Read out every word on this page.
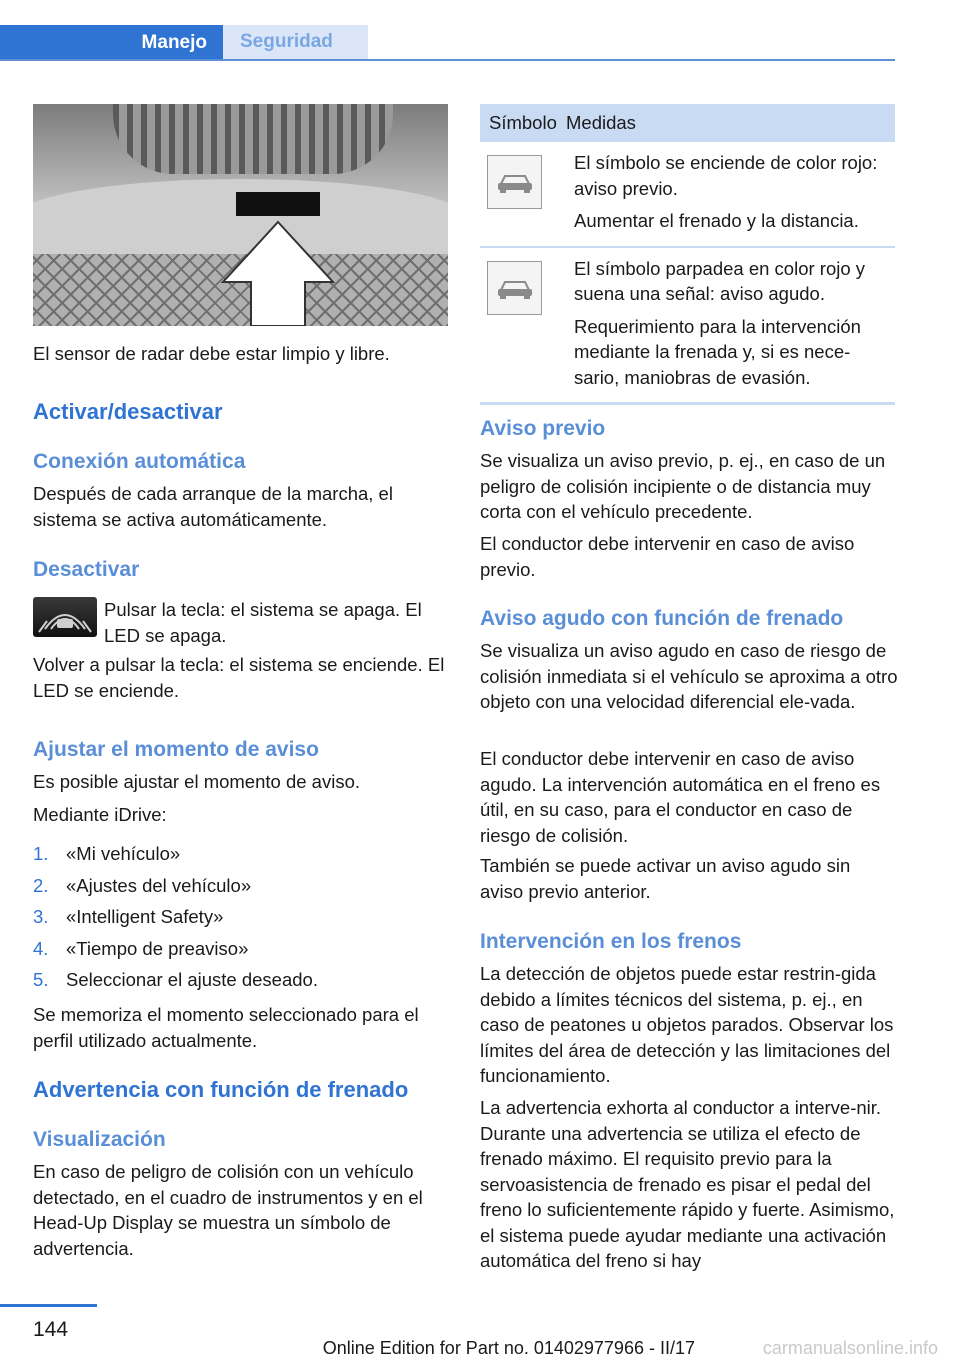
Manejo	Seguridad

El sensor de radar debe estar limpio y libre.

Activar/desactivar
Conexión automática

Después de cada arranque de la marcha, el sistema se activa automáticamente.

Desactivar

Pulsar la tecla: el sistema se apaga. El LED se apaga.

Volver a pulsar la tecla: el sistema se enciende. El LED se enciende.

Ajustar el momento de aviso

Es posible ajustar el momento de aviso.

Mediante iDrive:

1. «Mi vehículo»
2. «Ajustes del vehículo»
3. «Intelligent Safety»
4. «Tiempo de preaviso»
5. Seleccionar el ajuste deseado.

Se memoriza el momento seleccionado para el perfil utilizado actualmente.

Advertencia con función de frenado
Visualización

En caso de peligro de colisión con un vehículo detectado, en el cuadro de instrumentos y en el Head-Up Display se muestra un símbolo de advertencia.

Símbolo Medidas

El símbolo se enciende de color rojo: aviso previo.

Aumentar el frenado y la distancia.

El símbolo parpadea en color rojo y suena una señal: aviso agudo.

Requerimiento para la intervención mediante la frenada y, si es nece-sario, maniobras de evasión.

Aviso previo

Se visualiza un aviso previo, p. ej., en caso de un peligro de colisión incipiente o de distancia muy corta con el vehículo precedente.

El conductor debe intervenir en caso de aviso previo.

Aviso agudo con función de frenado

Se visualiza un aviso agudo en caso de riesgo de colisión inmediata si el vehículo se aproxima a otro objeto con una velocidad diferencial ele-vada.

El conductor debe intervenir en caso de aviso agudo. La intervención automática en el freno es útil, en su caso, para el conductor en caso de riesgo de colisión.

También se puede activar un aviso agudo sin aviso previo anterior.

Intervención en los frenos

La detección de objetos puede estar restrin-gida debido a límites técnicos del sistema, p. ej., en caso de peatones u objetos parados. Observar los límites del área de detección y las limitaciones del funcionamiento.

La advertencia exhorta al conductor a interve-nir. Durante una advertencia se utiliza el efecto de frenado máximo. El requisito previo para la servoasistencia de frenado es pisar el pedal del freno lo suficientemente rápido y fuerte. Asimismo, el sistema puede ayudar mediante una activación automática del freno si hay

144
Online Edition for Part no. 01402977966 - II/17	carmanualsonline.info
